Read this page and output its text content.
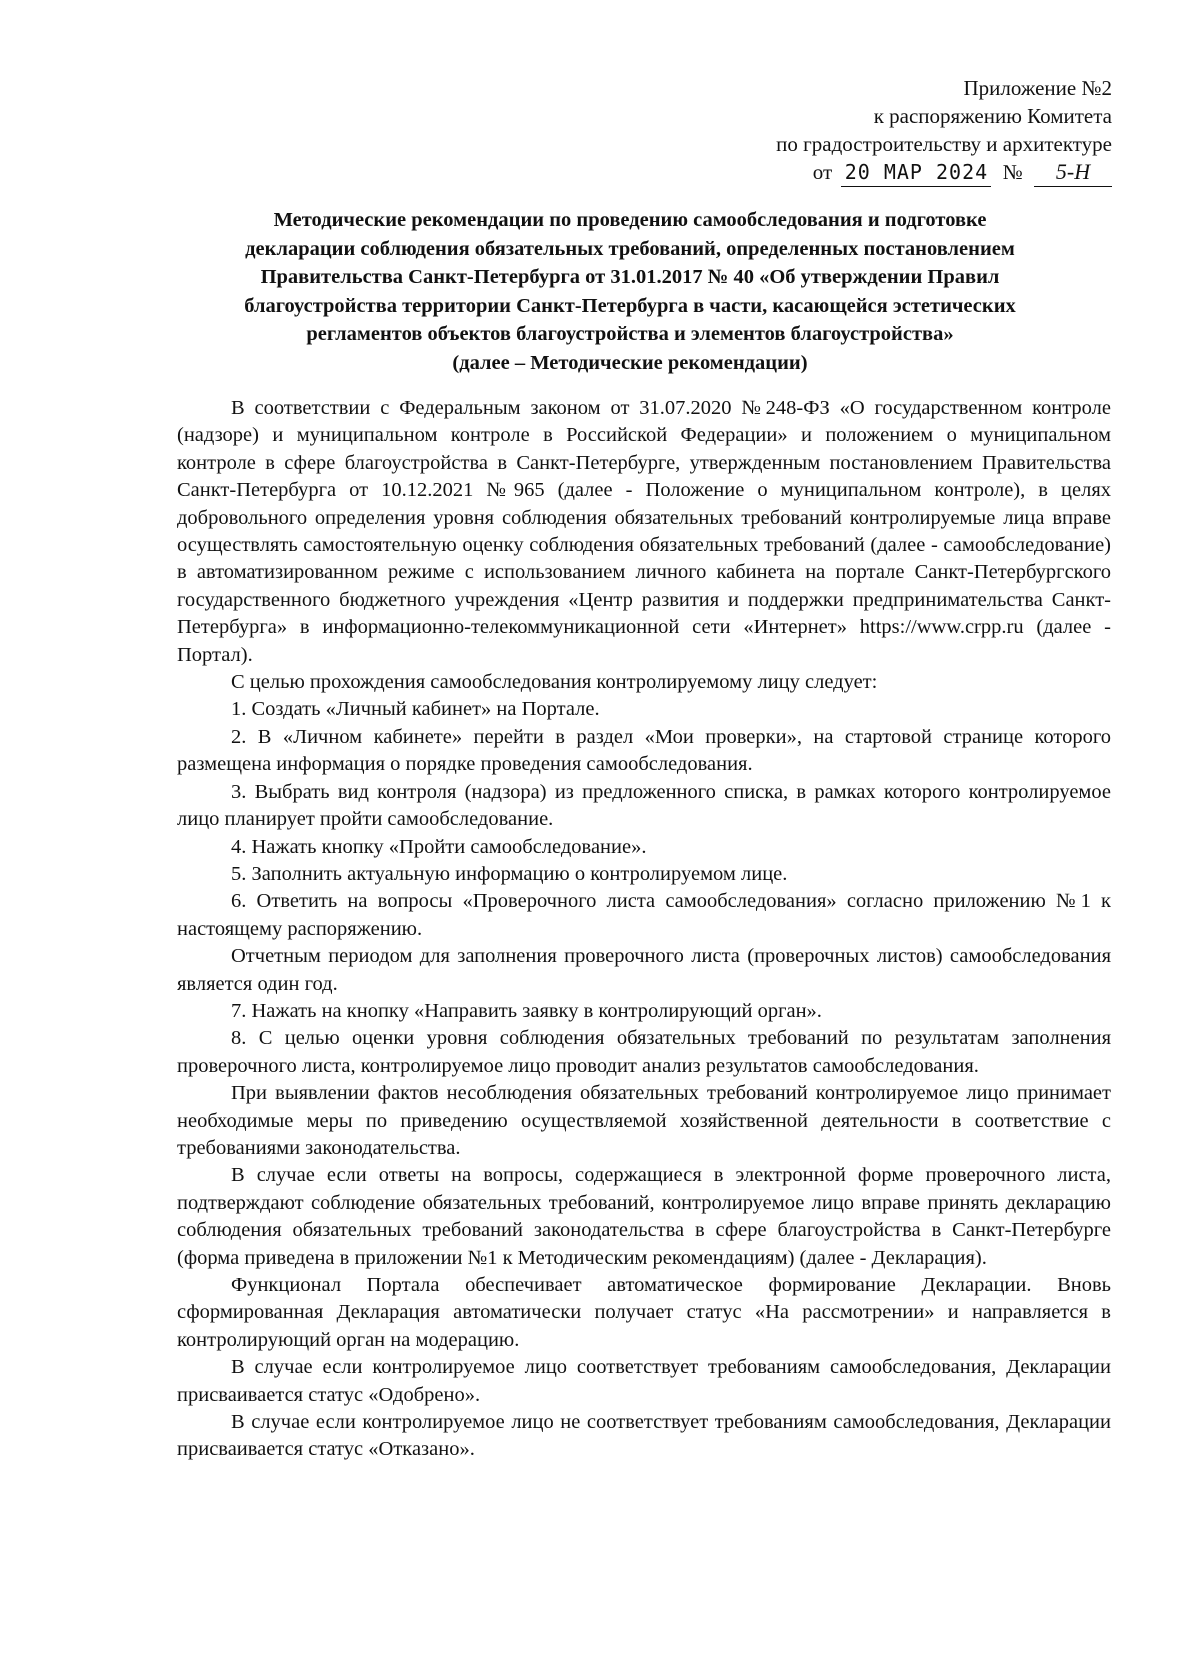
Приложение №2
к распоряжению Комитета
по градостроительству и архитектуре
от 20 МАР 2024 № 5-Н
Методические рекомендации по проведению самообследования и подготовке
декларации соблюдения обязательных требований, определенных постановлением
Правительства Санкт-Петербурга от 31.01.2017 № 40 «Об утверждении Правил
благоустройства территории Санкт-Петербурга в части, касающейся эстетических
регламентов объектов благоустройства и элементов благоустройства»
(далее – Методические рекомендации)

В соответствии с Федеральным законом от 31.07.2020 №248-ФЗ «О государственном контроле (надзоре) и муниципальном контроле в Российской Федерации» и положением о муниципальном контроле в сфере благоустройства в Санкт-Петербурге, утвержденным постановлением Правительства Санкт-Петербурга от 10.12.2021 №965 (далее - Положение о муниципальном контроле), в целях добровольного определения уровня соблюдения обязательных требований контролируемые лица вправе осуществлять самостоятельную оценку соблюдения обязательных требований (далее - самообследование) в автоматизированном режиме с использованием личного кабинета на портале Санкт-Петербургского государственного бюджетного учреждения «Центр развития и поддержки предпринимательства Санкт-Петербурга» в информационно-телекоммуникационной сети «Интернет» https://www.crpp.ru (далее - Портал).

С целью прохождения самообследования контролируемому лицу следует:

1. Создать «Личный кабинет» на Портале.

2. В «Личном кабинете» перейти в раздел «Мои проверки», на стартовой странице которого размещена информация о порядке проведения самообследования.

3. Выбрать вид контроля (надзора) из предложенного списка, в рамках которого контролируемое лицо планирует пройти самообследование.

4. Нажать кнопку «Пройти самообследование».

5. Заполнить актуальную информацию о контролируемом лице.

6. Ответить на вопросы «Проверочного листа самообследования» согласно приложению №1 к настоящему распоряжению.

Отчетным периодом для заполнения проверочного листа (проверочных листов) самообследования является один год.

7. Нажать на кнопку «Направить заявку в контролирующий орган».

8. С целью оценки уровня соблюдения обязательных требований по результатам заполнения проверочного листа, контролируемое лицо проводит анализ результатов самообследования.

При выявлении фактов несоблюдения обязательных требований контролируемое лицо принимает необходимые меры по приведению осуществляемой хозяйственной деятельности в соответствие с требованиями законодательства.

В случае если ответы на вопросы, содержащиеся в электронной форме проверочного листа, подтверждают соблюдение обязательных требований, контролируемое лицо вправе принять декларацию соблюдения обязательных требований законодательства в сфере благоустройства в Санкт-Петербурге (форма приведена в приложении №1 к Методическим рекомендациям) (далее - Декларация).

Функционал Портала обеспечивает автоматическое формирование Декларации. Вновь сформированная Декларация автоматически получает статус «На рассмотрении» и направляется в контролирующий орган на модерацию.

В случае если контролируемое лицо соответствует требованиям самообследования, Декларации присваивается статус «Одобрено».

В случае если контролируемое лицо не соответствует требованиям самообследования, Декларации присваивается статус «Отказано».
